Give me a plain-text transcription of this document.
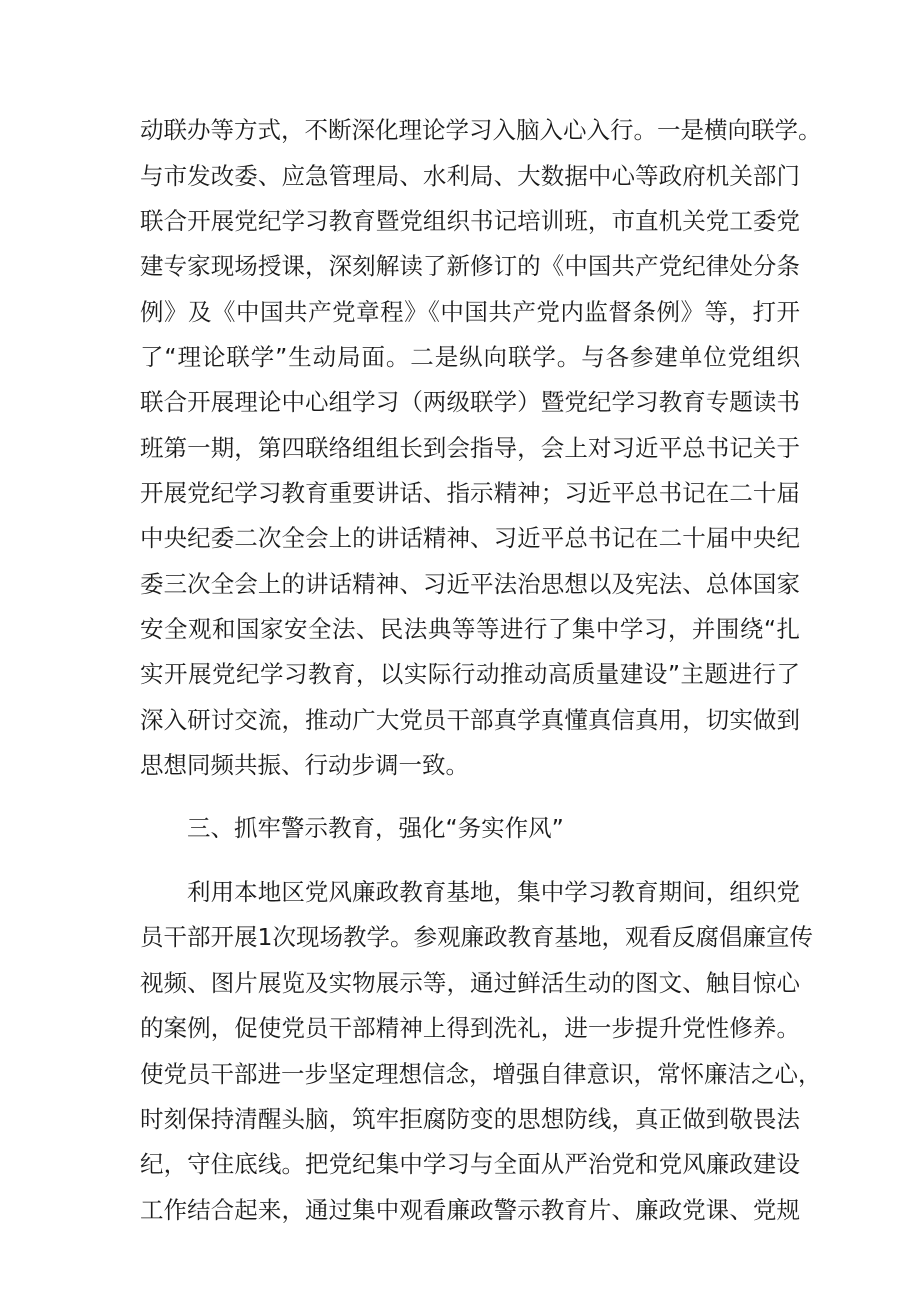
动联办等方式，不断深化理论学习入脑入心入行。一是横向联学。
与市发改委、应急管理局、水利局、大数据中心等政府机关部门
联合开展党纪学习教育暨党组织书记培训班，市直机关党工委党
建专家现场授课，深刻解读了新修订的《中国共产党纪律处分条
例》及《中国共产党章程》《中国共产党内监督条例》等，打开
了“理论联学”生动局面。二是纵向联学。与各参建单位党组织
联合开展理论中心组学习（两级联学）暨党纪学习教育专题读书
班第一期，第四联络组组长到会指导，会上对习近平总书记关于
开展党纪学习教育重要讲话、指示精神；习近平总书记在二十届
中央纪委二次全会上的讲话精神、习近平总书记在二十届中央纪
委三次全会上的讲话精神、习近平法治思想以及宪法、总体国家
安全观和国家安全法、民法典等等进行了集中学习，并围绕“扎
实开展党纪学习教育，以实际行动推动高质量建设”主题进行了
深入研讨交流，推动广大党员干部真学真懂真信真用，切实做到
思想同频共振、行动步调一致。
三、抓牢警示教育，强化“务实作风”
利用本地区党风廉政教育基地，集中学习教育期间，组织党
员干部开展1次现场教学。参观廉政教育基地，观看反腐倡廉宣传
视频、图片展览及实物展示等，通过鲜活生动的图文、触目惊心
的案例，促使党员干部精神上得到洗礼，进一步提升党性修养。
使党员干部进一步坚定理想信念，增强自律意识，常怀廉洁之心，
时刻保持清醒头脑，筑牢拒腐防变的思想防线，真正做到敬畏法
纪，守住底线。把党纪集中学习与全面从严治党和党风廉政建设
工作结合起来，通过集中观看廉政警示教育片、廉政党课、党规
